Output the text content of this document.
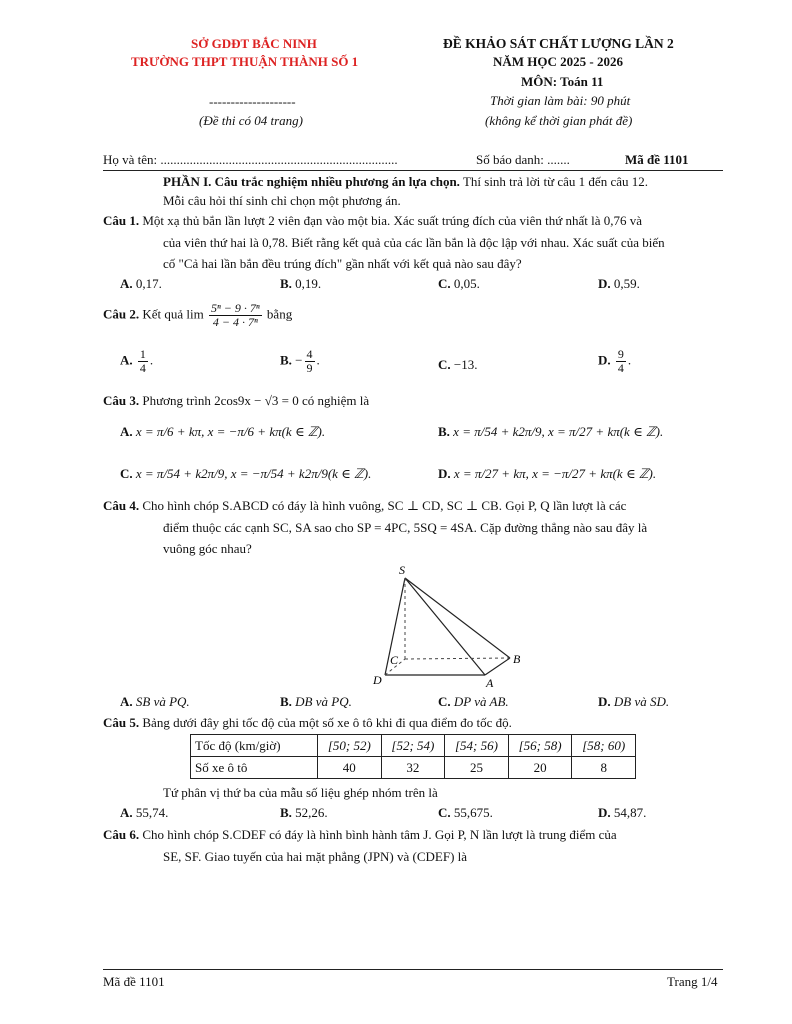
SỞ GDĐT BẮC NINH
TRƯỜNG THPT THUẬN THÀNH SỐ 1
--------------------
(Đề thi có 04 trang)
ĐỀ KHẢO SÁT CHẤT LƯỢNG LẦN 2
NĂM HỌC 2025 - 2026
MÔN: Toán 11
Thời gian làm bài: 90 phút
(không kể thời gian phát đề)
Họ và tên: .........................................................................	Số báo danh: .......	Mã đề 1101
PHẦN I. Câu trắc nghiệm nhiều phương án lựa chọn. Thí sinh trả lời từ câu 1 đến câu 12.
Mỗi câu hỏi thí sinh chỉ chọn một phương án.
Câu 1. Một xạ thủ bắn lần lượt 2 viên đạn vào một bia. Xác suất trúng đích của viên thứ nhất là 0,76 và
của viên thứ hai là 0,78. Biết rằng kết quả của các lần bắn là độc lập với nhau. Xác suất của biến
cố "Cả hai lần bắn đều trúng đích" gần nhất với kết quả nào sau đây?
A. 0,17.	B. 0,19.	C. 0,05.	D. 0,59.
Câu 2. Kết quả $\lim \frac{\text{5ⁿ − 9 · 7ⁿ}}{\text{4 − 4 · 7ⁿ}}$ bằng
A. $\frac{1}{4}$ .	B. − $\frac{4}{9}$ .	C. −13.	D. $\frac{9}{4}$ .
Câu 3. Phương trình 2cos9x − √3 = 0 có nghiệm là
A. x = π/6 + kπ, x = −π/6 + kπ(k ∈ ℤ).	B. x = π/54 + k2π/9, x = π/27 + kπ(k ∈ ℤ).
C. x = π/54 + k2π/9, x = −π/54 + k2π/9(k ∈ ℤ).	D. x = π/27 + kπ, x = −π/27 + kπ(k ∈ ℤ).
Câu 4. Cho hình chóp S.ABCD có đáy là hình vuông, SC ⊥ CD, SC ⊥ CB. Gọi P, Q lần lượt là các
điểm thuộc các cạnh SC, SA sao cho SP = 4PC, 5SQ = 4SA. Cặp đường thẳng nào sau đây là
vuông góc nhau?
S
B
C
D	A
A. SB và PQ.	B. DB và PQ.	C. DP và AB.	D. DB và SD.
Câu 5. Bảng dưới đây ghi tốc độ của một số xe ô tô khi đi qua điểm đo tốc độ.
Tốc độ (km/giờ)	[50; 52)	[52; 54)	[54; 56)	[56; 58)	[58; 60)
Số xe ô tô	40	32	25	20	8
Tứ phân vị thứ ba của mẫu số liệu ghép nhóm trên là
A. 55,74.	B. 52,26.	C. 55,675.	D. 54,87.
Câu 6. Cho hình chóp S.CDEF có đáy là hình bình hành tâm J. Gọi P, N lần lượt là trung điểm của
SE, SF. Giao tuyến của hai mặt phẳng (JPN) và (CDEF) là
Mã đề 1101	Trang 1/4
